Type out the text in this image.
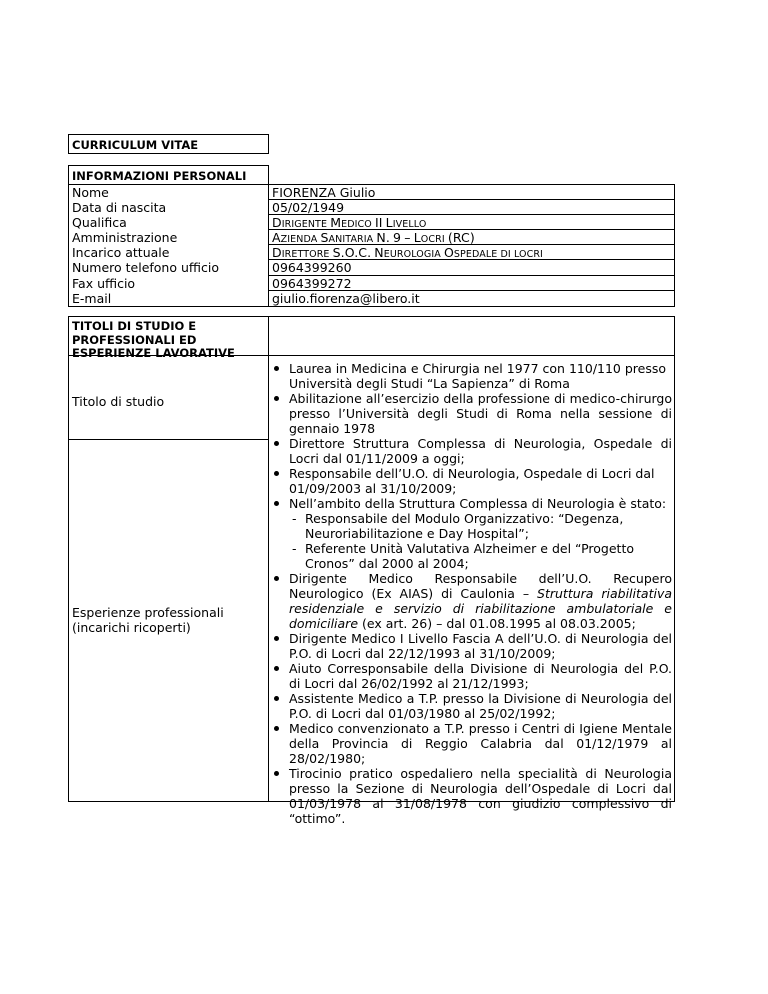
CURRICULUM VITAE
INFORMAZIONI PERSONALI
Nome
Data di nascita
Qualifica
Amministrazione
Incarico attuale
Numero telefono ufficio
Fax ufficio
E-mail
FIORENZA Giulio
05/02/1949
DIRIGENTE MEDICO II LIVELLO
AZIENDA SANITARIA N. 9 – LOCRI (RC)
DIRETTORE S.O.C. NEUROLOGIA OSPEDALE DI LOCRI
0964399260
0964399272
giulio.fiorenza@libero.it
TITOLI DI STUDIO E
PROFESSIONALI ED
ESPERIENZE LAVORATIVE
Titolo di studio
Esperienze professionali
(incarichi ricoperti)
Laurea in Medicina e Chirurgia nel 1977 con 110/110 presso Università degli Studi “La Sapienza” di Roma
Abilitazione all’esercizio della professione di medico-chirurgo presso l’Università degli Studi di Roma nella sessione di gennaio 1978
Direttore Struttura Complessa di Neurologia, Ospedale di Locri dal 01/11/2009 a oggi;
Responsabile dell’U.O. di Neurologia, Ospedale di Locri dal 01/09/2003 al 31/10/2009;
Nell’ambito della Struttura Complessa di Neurologia è stato:
- Responsabile del Modulo Organizzativo: “Degenza, Neuroriabilitazione e Day Hospital”;
- Referente Unità Valutativa Alzheimer e del “Progetto Cronos” dal 2000 al 2004;
Dirigente Medico Responsabile dell’U.O. Recupero Neurologico (Ex AIAS) di Caulonia – Struttura riabilitativa residenziale e servizio di riabilitazione ambulatoriale e domiciliare (ex art. 26) – dal 01.08.1995 al 08.03.2005;
Dirigente Medico I Livello Fascia A dell’U.O. di Neurologia del P.O. di Locri dal 22/12/1993 al 31/10/2009;
Aiuto Corresponsabile della Divisione di Neurologia del P.O. di Locri dal 26/02/1992 al 21/12/1993;
Assistente Medico a T.P. presso la Divisione di Neurologia del P.O. di Locri dal 01/03/1980 al 25/02/1992;
Medico convenzionato a T.P. presso i Centri di Igiene Mentale della Provincia di Reggio Calabria dal 01/12/1979 al 28/02/1980;
Tirocinio pratico ospedaliero nella specialità di Neurologia presso la Sezione di Neurologia dell’Ospedale di Locri dal 01/03/1978 al 31/08/1978 con giudizio complessivo di “ottimo”.
